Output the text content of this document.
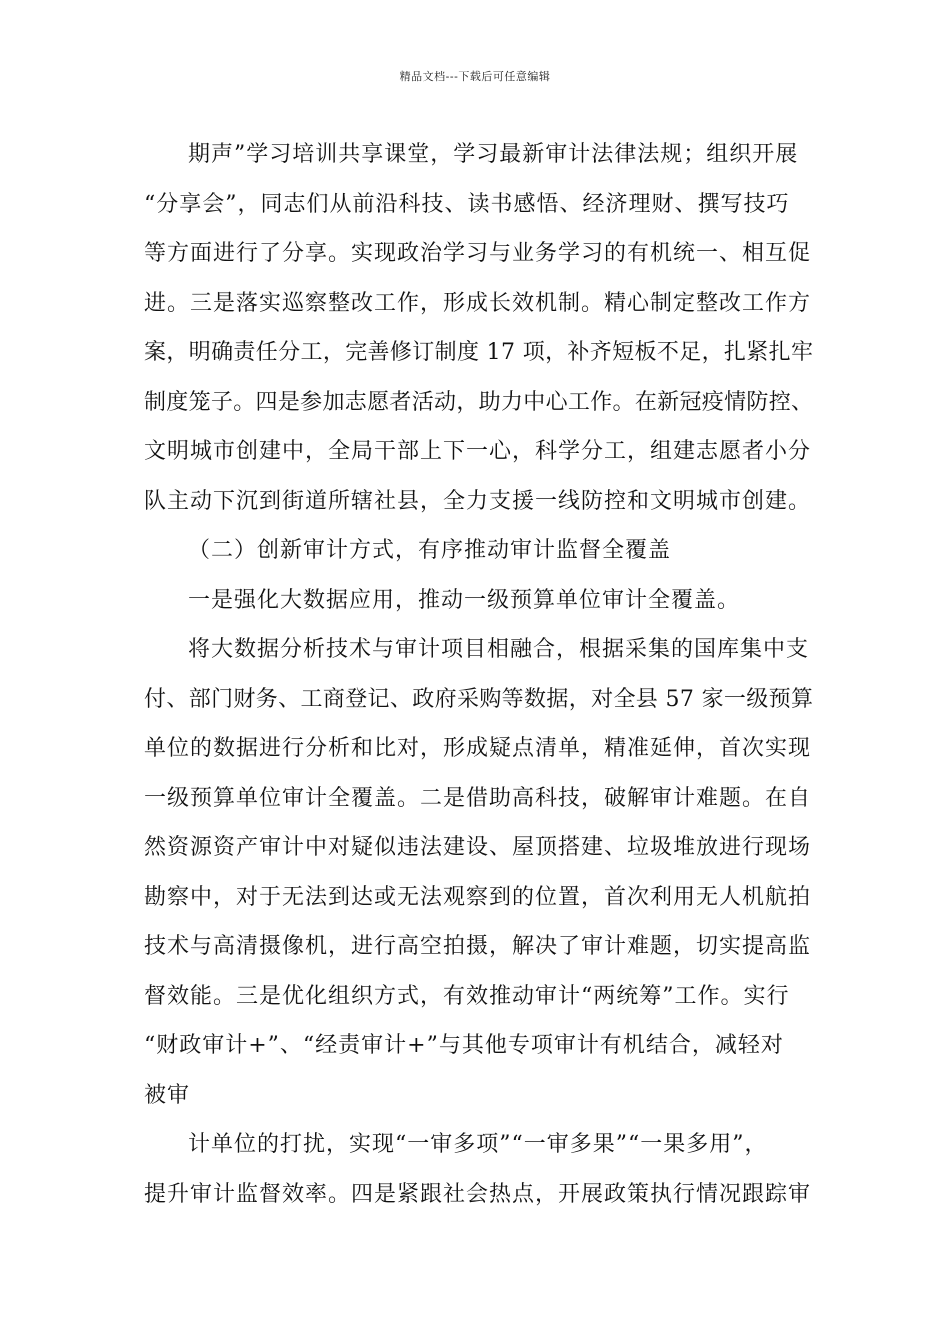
精品文档---下载后可任意编辑
期声”学习培训共享课堂，学习最新审计法律法规；组织开展
“分享会”，同志们从前沿科技、读书感悟、经济理财、撰写技巧
等方面进行了分享。实现政治学习与业务学习的有机统一、相互促
进。三是落实巡察整改工作，形成长效机制。精心制定整改工作方
案，明确责任分工，完善修订制度 17 项，补齐短板不足，扎紧扎牢
制度笼子。四是参加志愿者活动，助力中心工作。在新冠疫情防控、
文明城市创建中，全局干部上下一心，科学分工，组建志愿者小分
队主动下沉到街道所辖社县，全力支援一线防控和文明城市创建。
（二）创新审计方式，有序推动审计监督全覆盖
一是强化大数据应用，推动一级预算单位审计全覆盖。
将大数据分析技术与审计项目相融合，根据采集的国库集中支
付、部门财务、工商登记、政府采购等数据，对全县 57 家一级预算
单位的数据进行分析和比对，形成疑点清单，精准延伸，首次实现
一级预算单位审计全覆盖。二是借助高科技，破解审计难题。在自
然资源资产审计中对疑似违法建设、屋顶搭建、垃圾堆放进行现场
勘察中，对于无法到达或无法观察到的位置，首次利用无人机航拍
技术与高清摄像机，进行高空拍摄，解决了审计难题，切实提高监
督效能。三是优化组织方式，有效推动审计“两统筹”工作。实行
“财政审计+”、“经责审计+”与其他专项审计有机结合，减轻对
被审
计单位的打扰，实现“一审多项”“一审多果”“一果多用”，
提升审计监督效率。四是紧跟社会热点，开展政策执行情况跟踪审
